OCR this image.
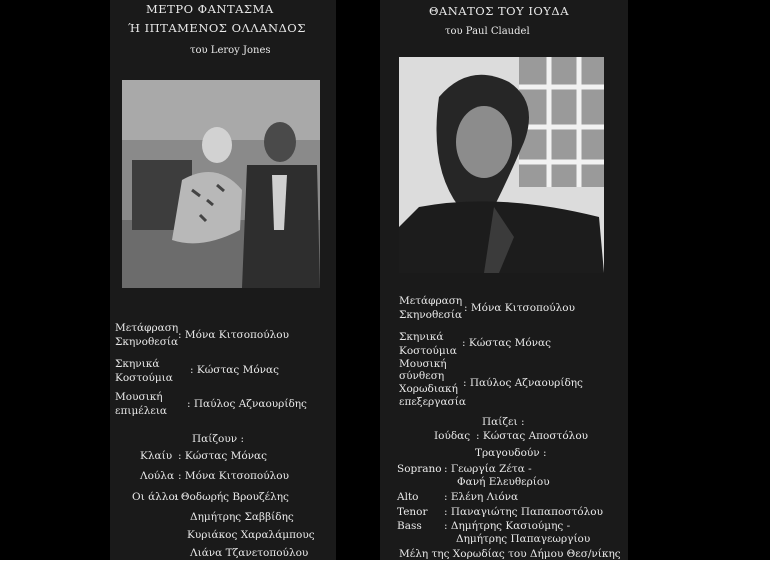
ΜΕΤΡΟ ΦΑΝΤΑΣΜΑ
Ή ΙΠΤΑΜΕΝΟΣ ΟΛΛΑΝΔΟΣ
του Leroy Jones
Μετάφραση
Σκηνοθεσία
: Μόνα Κιτσοπούλου
Σκηνικά
Κοστούμια
: Κώστας Μόνας
Μουσική
επιμέλεια
: Παύλος Αζναουρίδης
Παίζουν :
Κλαίυ : Κώστας Μόνας
Λούλα : Μόνα Κιτσοπούλου
Οι άλλοι
: Θοδωρής Βρουζέλης
Δημήτρης Σαββίδης
Κυριάκος Χαραλάμπους
Λιάνα Τζανετοπούλου
ΘΑΝΑΤΟΣ ΤΟΥ ΙΟΥΔΑ
του Paul Claudel
Μετάφραση
Σκηνοθεσία
: Μόνα Κιτσοπούλου
Σκηνικά
Κοστούμια
: Κώστας Μόνας
Μουσική
σύνθεση
Χορωδιακή
επεξεργασία
: Παύλος Αζναουρίδης
Παίζει :
Ιούδας : Κώστας Αποστόλου
Τραγουδούν :
Soprano : Γεωργία Ζέτα -
Φανή Ελευθερίου
Alto : Ελένη Λιόνα
Tenor : Παναγιώτης Παπαποστόλου
Bass : Δημήτρης Κασιούμης -
Δημήτρης Παπαγεωργίου
Μέλη της Χορωδίας του Δήμου Θεσ/νίκης
